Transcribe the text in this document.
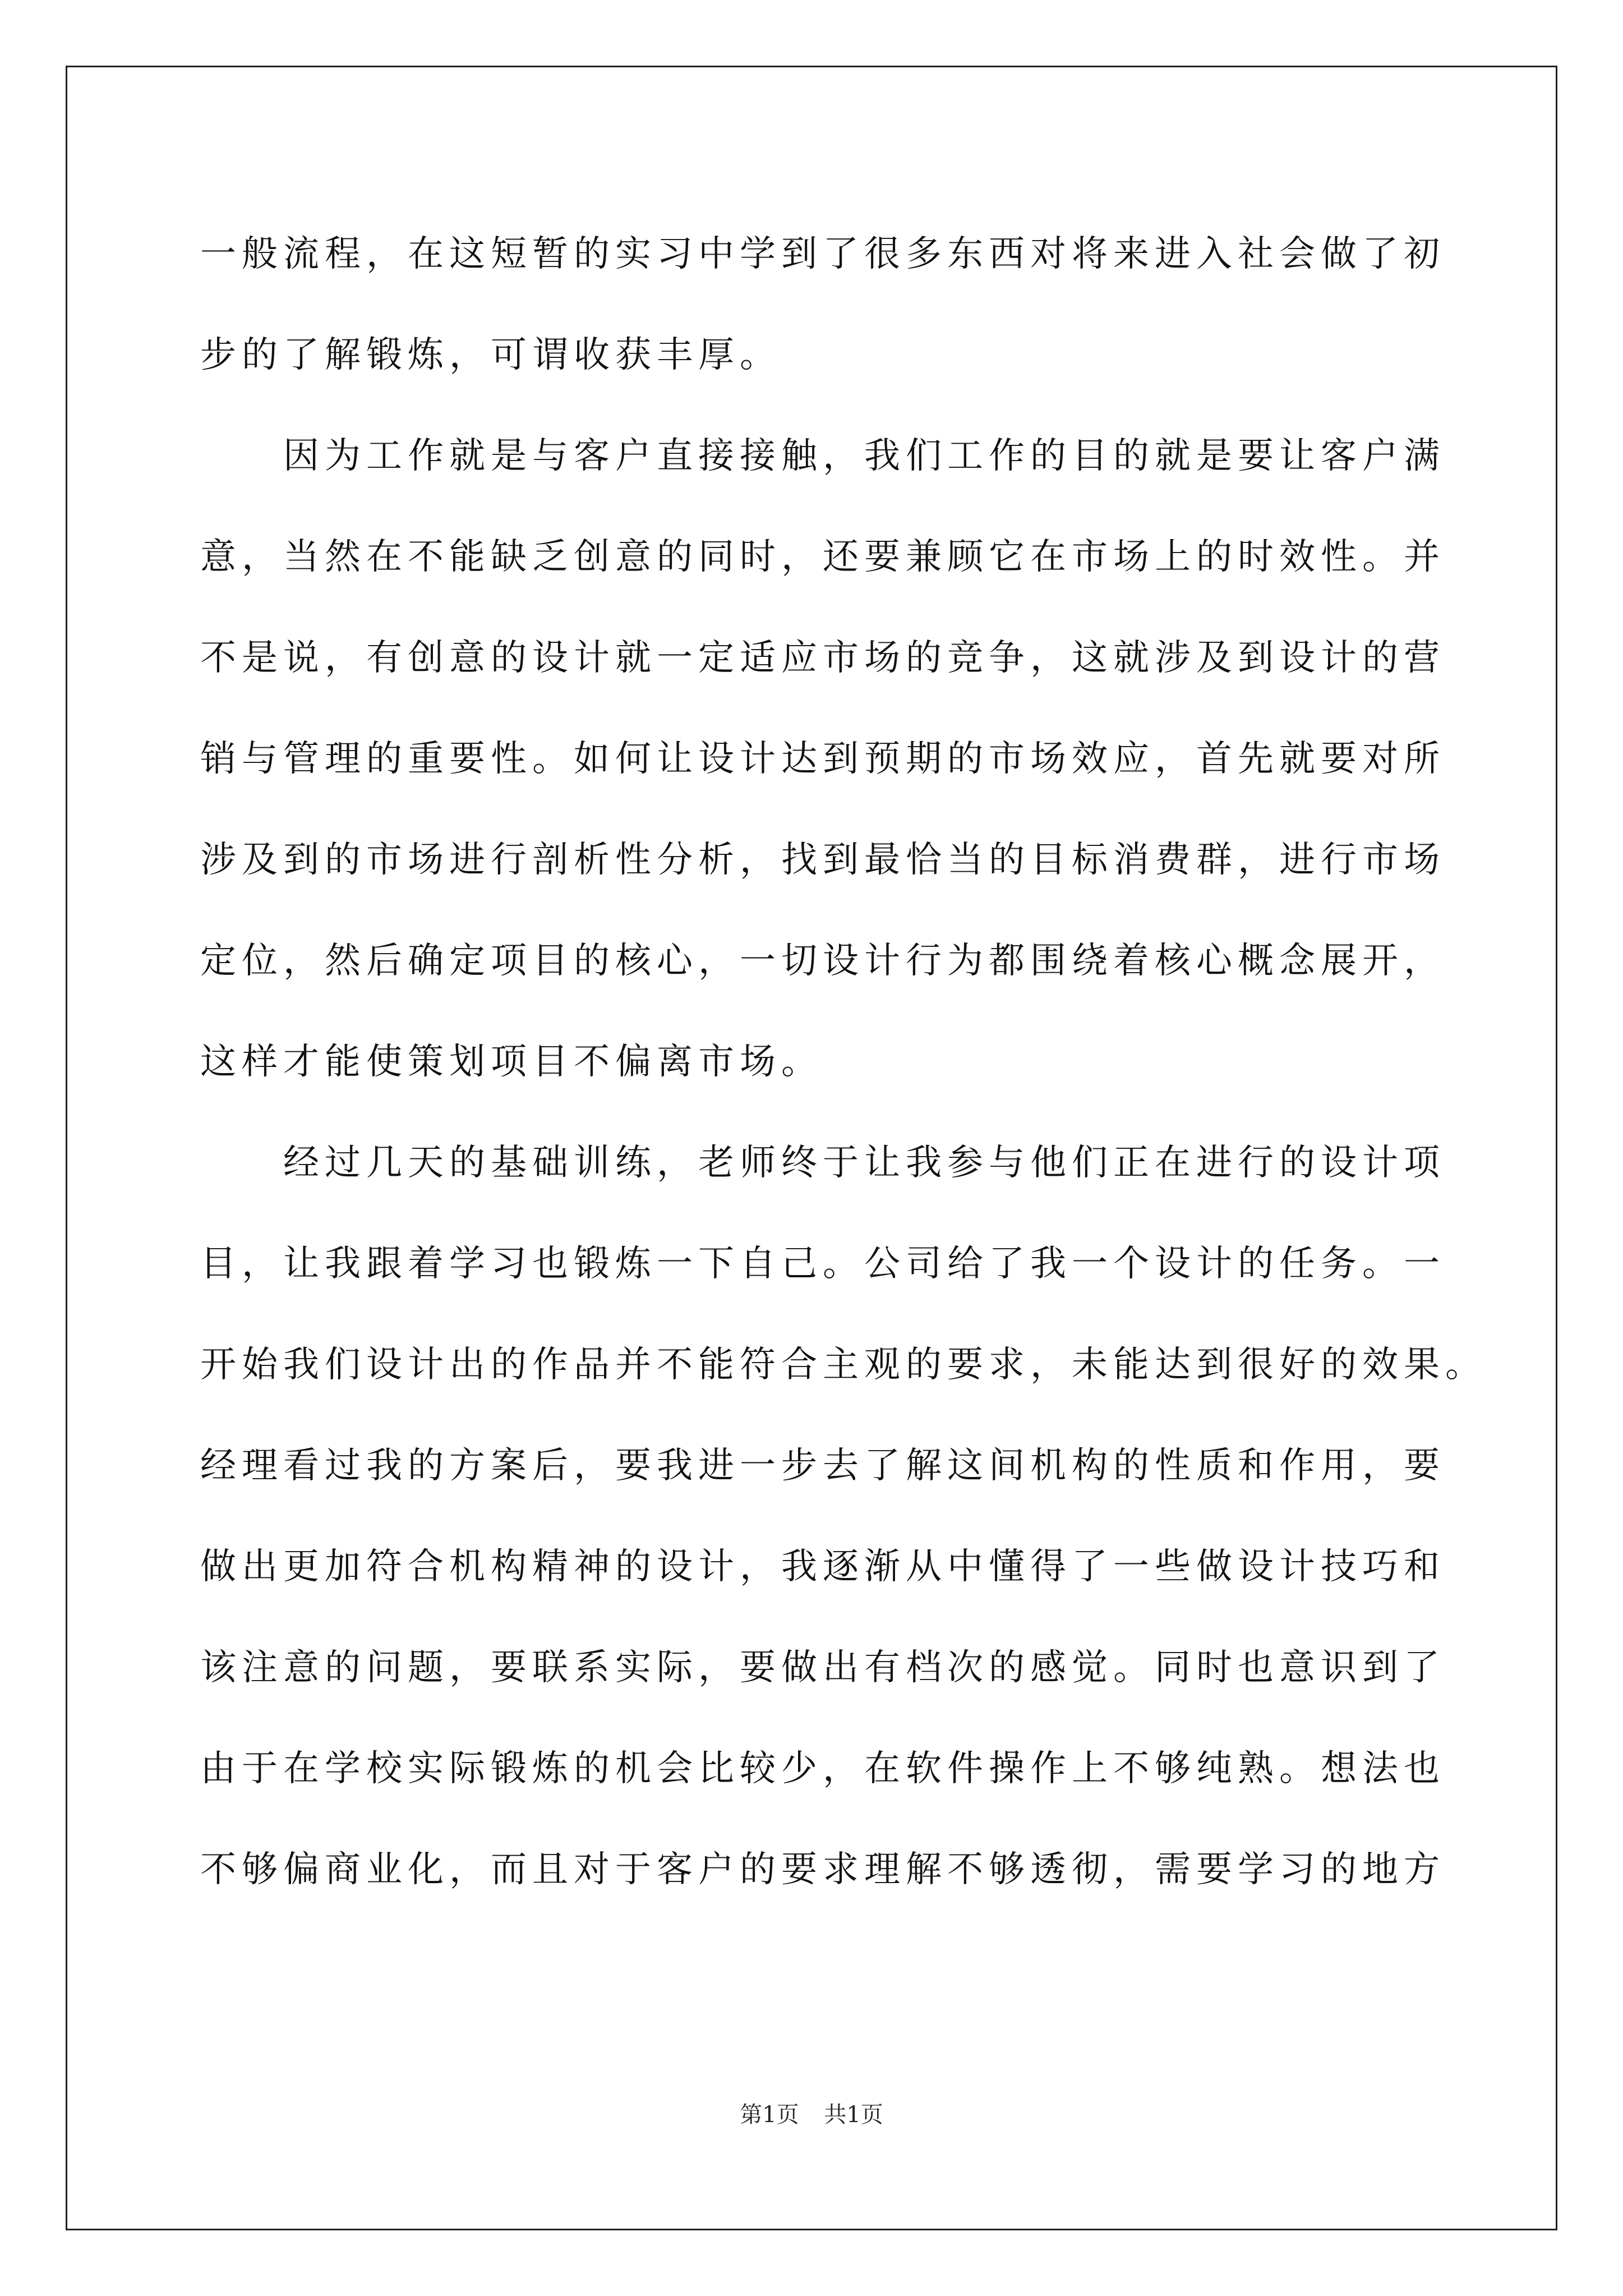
一般流程，在这短暂的实习中学到了很多东西对将来进入社会做了初
步的了解锻炼，可谓收获丰厚。
因为工作就是与客户直接接触，我们工作的目的就是要让客户满
意，当然在不能缺乏创意的同时，还要兼顾它在市场上的时效性。并
不是说，有创意的设计就一定适应市场的竞争，这就涉及到设计的营
销与管理的重要性。如何让设计达到预期的市场效应，首先就要对所
涉及到的市场进行剖析性分析，找到最恰当的目标消费群，进行市场
定位，然后确定项目的核心，一切设计行为都围绕着核心概念展开，
这样才能使策划项目不偏离市场。
经过几天的基础训练，老师终于让我参与他们正在进行的设计项
目，让我跟着学习也锻炼一下自己。公司给了我一个设计的任务。一
开始我们设计出的作品并不能符合主观的要求，未能达到很好的效果。
经理看过我的方案后，要我进一步去了解这间机构的性质和作用，要
做出更加符合机构精神的设计，我逐渐从中懂得了一些做设计技巧和
该注意的问题，要联系实际，要做出有档次的感觉。同时也意识到了
由于在学校实际锻炼的机会比较少，在软件操作上不够纯熟。想法也
不够偏商业化，而且对于客户的要求理解不够透彻，需要学习的地方
第1页 共1页
